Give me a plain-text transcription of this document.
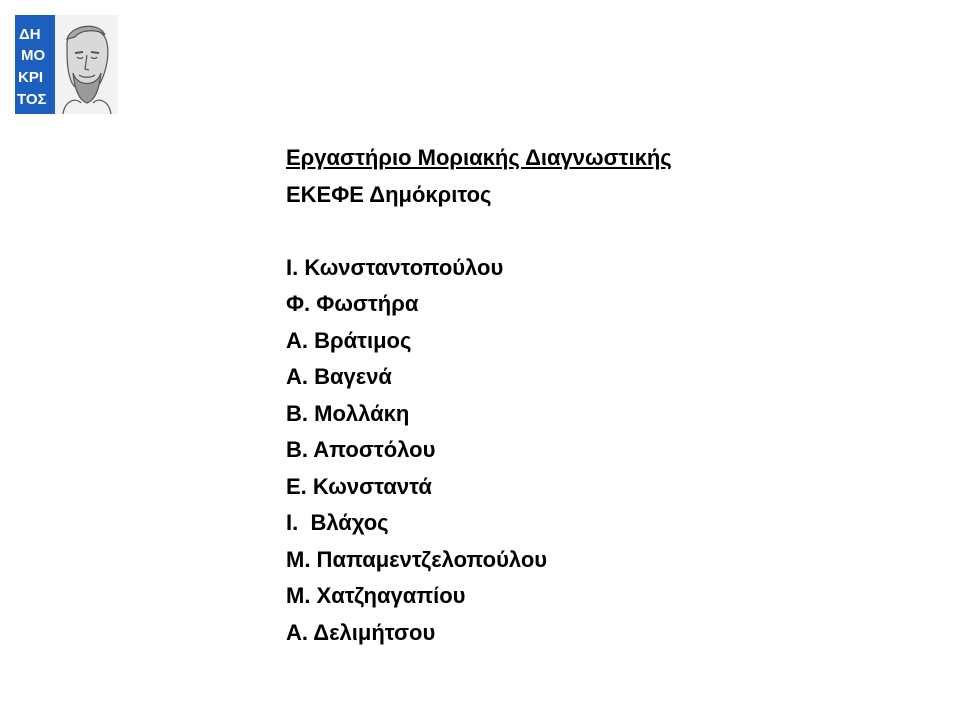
ΔΗ
ΜΟ
ΚΡΙ
ΤΟΣ
Εργαστήριο Μοριακής Διαγνωστικής
ΕΚΕΦΕ Δημόκριτος
Ι. Κωνσταντοπούλου
Φ. Φωστήρα
Α. Βράτιμος
Α. Βαγενά
Β. Μολλάκη
Β. Αποστόλου
Ε. Κωνσταντά
Ι.  Βλάχος
Μ. Παπαμεντζελοπούλου
Μ. Χατζηαγαπίου
Α. Δελιμήτσου
